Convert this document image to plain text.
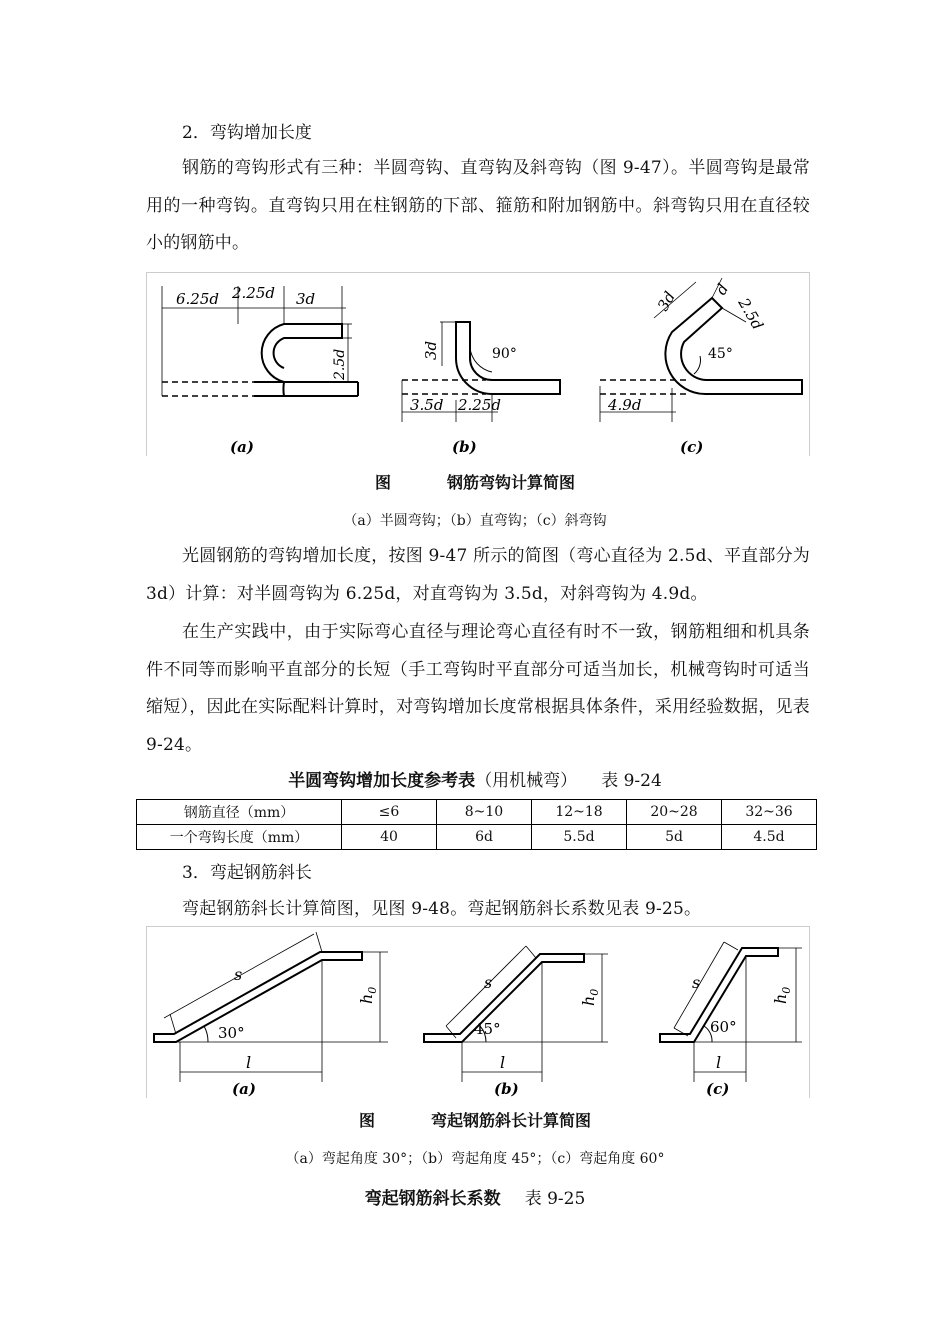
2．弯钩增加长度
钢筋的弯钩形式有三种：半圆弯钩、直弯钩及斜弯钩（图 9-47）。半圆弯钩是最常用的一种弯钩。直弯钩只用在柱钢筋的下部、箍筋和附加钢筋中。斜弯钩只用在直径较小的钢筋中。
6.25d 2.25d 3d
2.5d
(a)
3d	90°
3.5d 2.25d
(b)
3d d
2.5d
45°
4.9d
(c)
图	钢筋弯钩计算简图
（a）半圆弯钩；（b）直弯钩；（c）斜弯钩
光圆钢筋的弯钩增加长度，按图 9-47 所示的简图（弯心直径为 2.5d、平直部分为 3d）计算：对半圆弯钩为 6.25d，对直弯钩为 3.5d，对斜弯钩为 4.9d。
在生产实践中，由于实际弯心直径与理论弯心直径有时不一致，钢筋粗细和机具条件不同等而影响平直部分的长短（手工弯钩时平直部分可适当加长，机械弯钩时可适当缩短），因此在实际配料计算时，对弯钩增加长度常根据具体条件，采用经验数据，见表 9-24。
半圆弯钩增加长度参考表（用机械弯） 表 9-24
钢筋直径（mm）	≤6	8~10	12~18	20~28	32~36
一个弯钩长度（mm）	40	6d	5.5d	5d	4.5d
3．弯起钢筋斜长
弯起钢筋斜长计算简图，见图 9-48。弯起钢筋斜长系数见表 9-25。
s
30°
l
$h_0$
(a)
s
45°
l
$h_0$
(b)
s
60°
l
$h_0$
(c)
图	弯起钢筋斜长计算简图
（a）弯起角度 30°；（b）弯起角度 45°；（c）弯起角度 60°
弯起钢筋斜长系数 表 9-25
